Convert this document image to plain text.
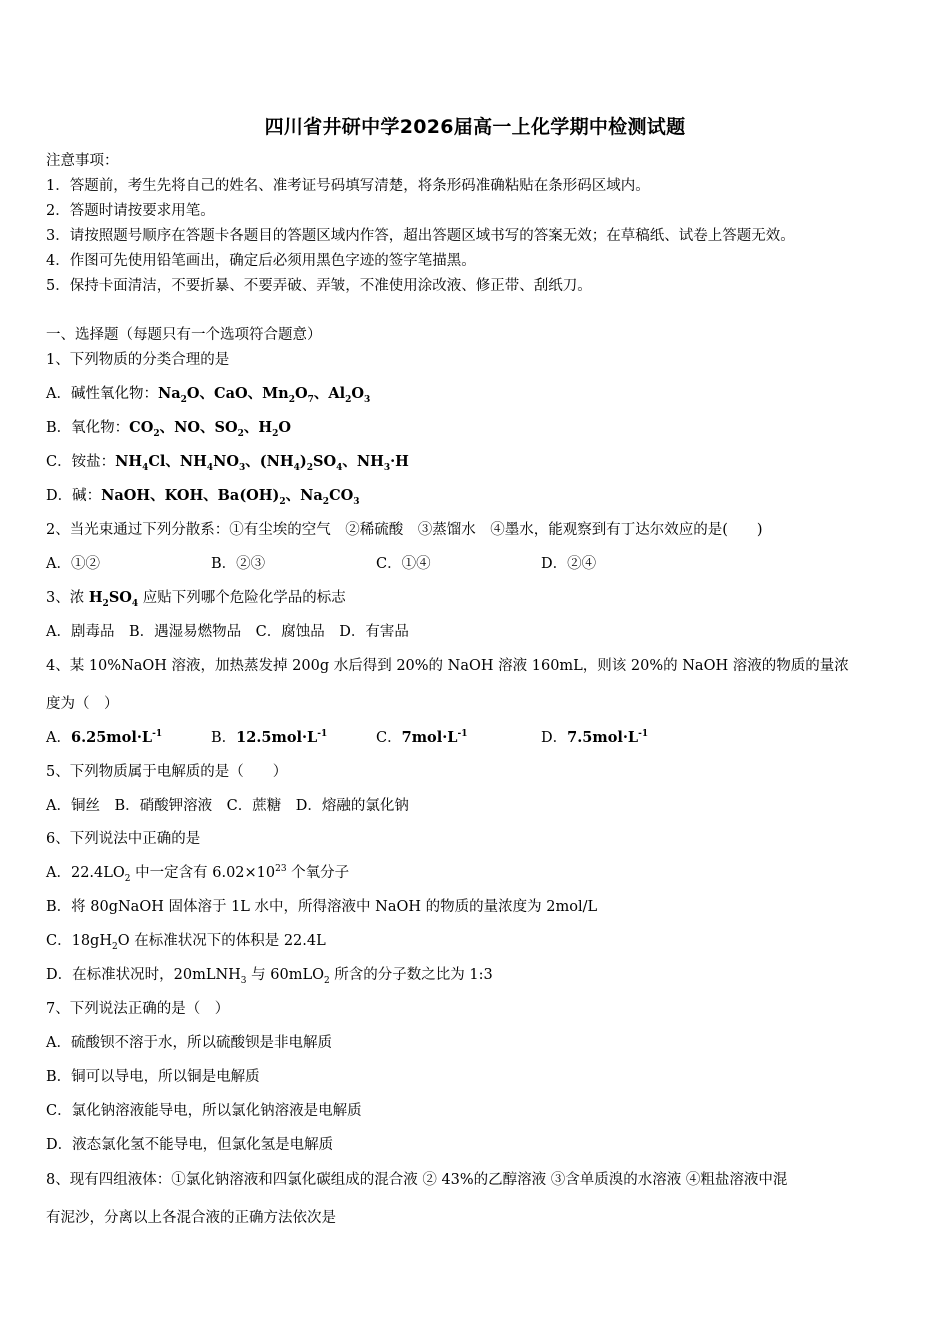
四川省井研中学2026届高一上化学期中检测试题
注意事项：
1．答题前，考生先将自己的姓名、准考证号码填写清楚，将条形码准确粘贴在条形码区域内。
2．答题时请按要求用笔。
3．请按照题号顺序在答题卡各题目的答题区域内作答，超出答题区域书写的答案无效；在草稿纸、试卷上答题无效。
4．作图可先使用铅笔画出，确定后必须用黑色字迹的签字笔描黑。
5．保持卡面清洁，不要折暴、不要弄破、弄皱，不准使用涂改液、修正带、刮纸刀。
一、选择题（每题只有一个选项符合题意）
1、下列物质的分类合理的是
A．碱性氧化物：$Na_2O$、CaO、$Mn_2O_7$、$Al_2O_3$
B．氧化物：$CO_2$、NO、$SO_2$、$H_2O$
C．铵盐：$NH_4Cl$、$NH_4NO_3$、$(NH_4)_2SO_4$、$NH_3\cdot H$
D．碱：NaOH、KOH、$Ba(OH)_2$、$Na_2CO_3$
2、当光束通过下列分散系：①有尘埃的空气　②稀硫酸　③蒸馏水　④墨水，能观察到有丁达尔效应的是(　　)
A．①②	B．②③	C．①④	D．②④
3、浓 $H_2SO_4$ 应贴下列哪个危险化学品的标志
A．剧毒品　B．遇湿易燃物品　C．腐蚀品　D．有害品
4、某 10%NaOH 溶液，加热蒸发掉 200g 水后得到 20%的 NaOH 溶液 160mL，则该 20%的 NaOH 溶液的物质的量浓
度为（　）
A．$6.25mol\cdot L^{-1}$	B．$12.5mol\cdot L^{-1}$	C．$7mol\cdot L^{-1}$	D．$7.5mol\cdot L^{-1}$
5、下列物质属于电解质的是（　　）
A．铜丝　B．硝酸钾溶液　C．蔗糖　D．熔融的氯化钠
6、下列说法中正确的是
A．$22.4LO_2$ 中一定含有 $6.02\times 10^{23}$ 个氧分子
B．将 80gNaOH 固体溶于 1L 水中，所得溶液中 NaOH 的物质的量浓度为 2mol/L
C．$18gH_2O$ 在标准状况下的体积是 22.4L
D．在标准状况时，20mLNH$_3$ 与 60mLO$_2$ 所含的分子数之比为 1:3
7、下列说法正确的是（　）
A．硫酸钡不溶于水，所以硫酸钡是非电解质
B．铜可以导电，所以铜是电解质
C．氯化钠溶液能导电，所以氯化钠溶液是电解质
D．液态氯化氢不能导电，但氯化氢是电解质
8、现有四组液体：①氯化钠溶液和四氯化碳组成的混合液 ② 43%的乙醇溶液 ③含单质溴的水溶液 ④粗盐溶液中混
有泥沙，分离以上各混合液的正确方法依次是
